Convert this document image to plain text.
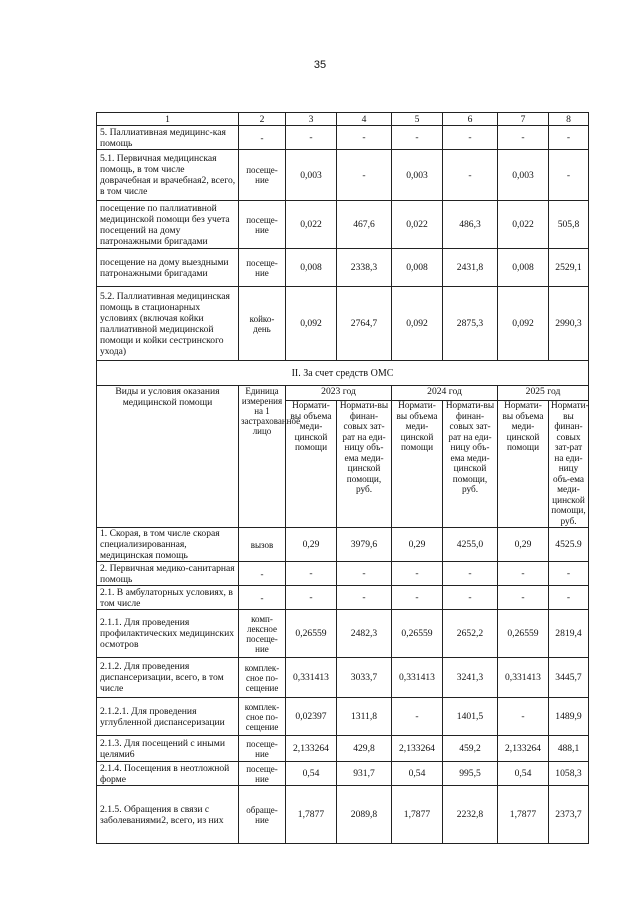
35
1	2	3	4	5	6	7	8
5. Паллиативная медицинс-кая помощь	-	-	-	-	-	-	-
5.1. Первичная медицинская помощь, в том числе доврачебная и врачебная2, всего, в том числе	посеще-ние	0,003	-	0,003	-	0,003	-
посещение по паллиативной медицинской помощи без учета посещений на дому патронажными бригадами	посеще-ние	0,022	467,6	0,022	486,3	0,022	505,8
посещение на дому выездными патронажными бригадами	посеще-ние	0,008	2338,3	0,008	2431,8	0,008	2529,1
5.2. Паллиативная медицинская помощь в стационарных условиях (включая койки паллиативной медицинской помощи и койки сестринского ухода)	койко-день	0,092	2764,7	0,092	2875,3	0,092	2990,3
II. За счет средств ОМС							
Виды и условия оказания медицинской помощи	Единица измерения на 1 застрахованное лицо	2023 год		2024 год		2025 год	
		Нормати-вы объема меди-цинской помощи	Нормати-вы финан-совых зат-рат на еди-ницу объ-ема меди-цинской помощи, руб.	Нормати-вы объема меди-цинской помощи	Нормати-вы финан-совых зат-рат на еди-ницу объ-ема меди-цинской помощи, руб.	Нормати-вы объема меди-цинской помощи	Нормати-вы финан-совых зат-рат на еди-ницу объ-ема меди-цинской помощи, руб.
1. Скорая, в том числе скорая специализированная, медицинская помощь	вызов	0,29	3979,6	0,29	4255,0	0,29	4525.9
2. Первичная медико-санитарная помощь	-	-	-	-	-	-	-
2.1. В амбулаторных условиях, в том числе	-	-	-	-	-	-	-
2.1.1. Для проведения профилактических медицинских осмотров	комп-лексное посеще-ние	0,26559	2482,3	0,26559	2652,2	0,26559	2819,4
2.1.2. Для проведения диспансеризации, всего, в том числе	комплек-сное по-сещение	0,331413	3033,7	0,331413	3241,3	0,331413	3445,7
2.1.2.1. Для проведения углубленной диспансеризации	комплек-сное по-сещение	0,02397	1311,8	-	1401,5	-	1489,9
2.1.3. Для посещений с иными целями6	посеще-ние	2,133264	429,8	2,133264	459,2	2,133264	488,1
2.1.4. Посещения в неотложной форме	посеще-ние	0,54	931,7	0,54	995,5	0,54	1058,3
2.1.5. Обращения в связи с заболеваниями2, всего, из них	обраще-ние	1,7877	2089,8	1,7877	2232,8	1,7877	2373,7
